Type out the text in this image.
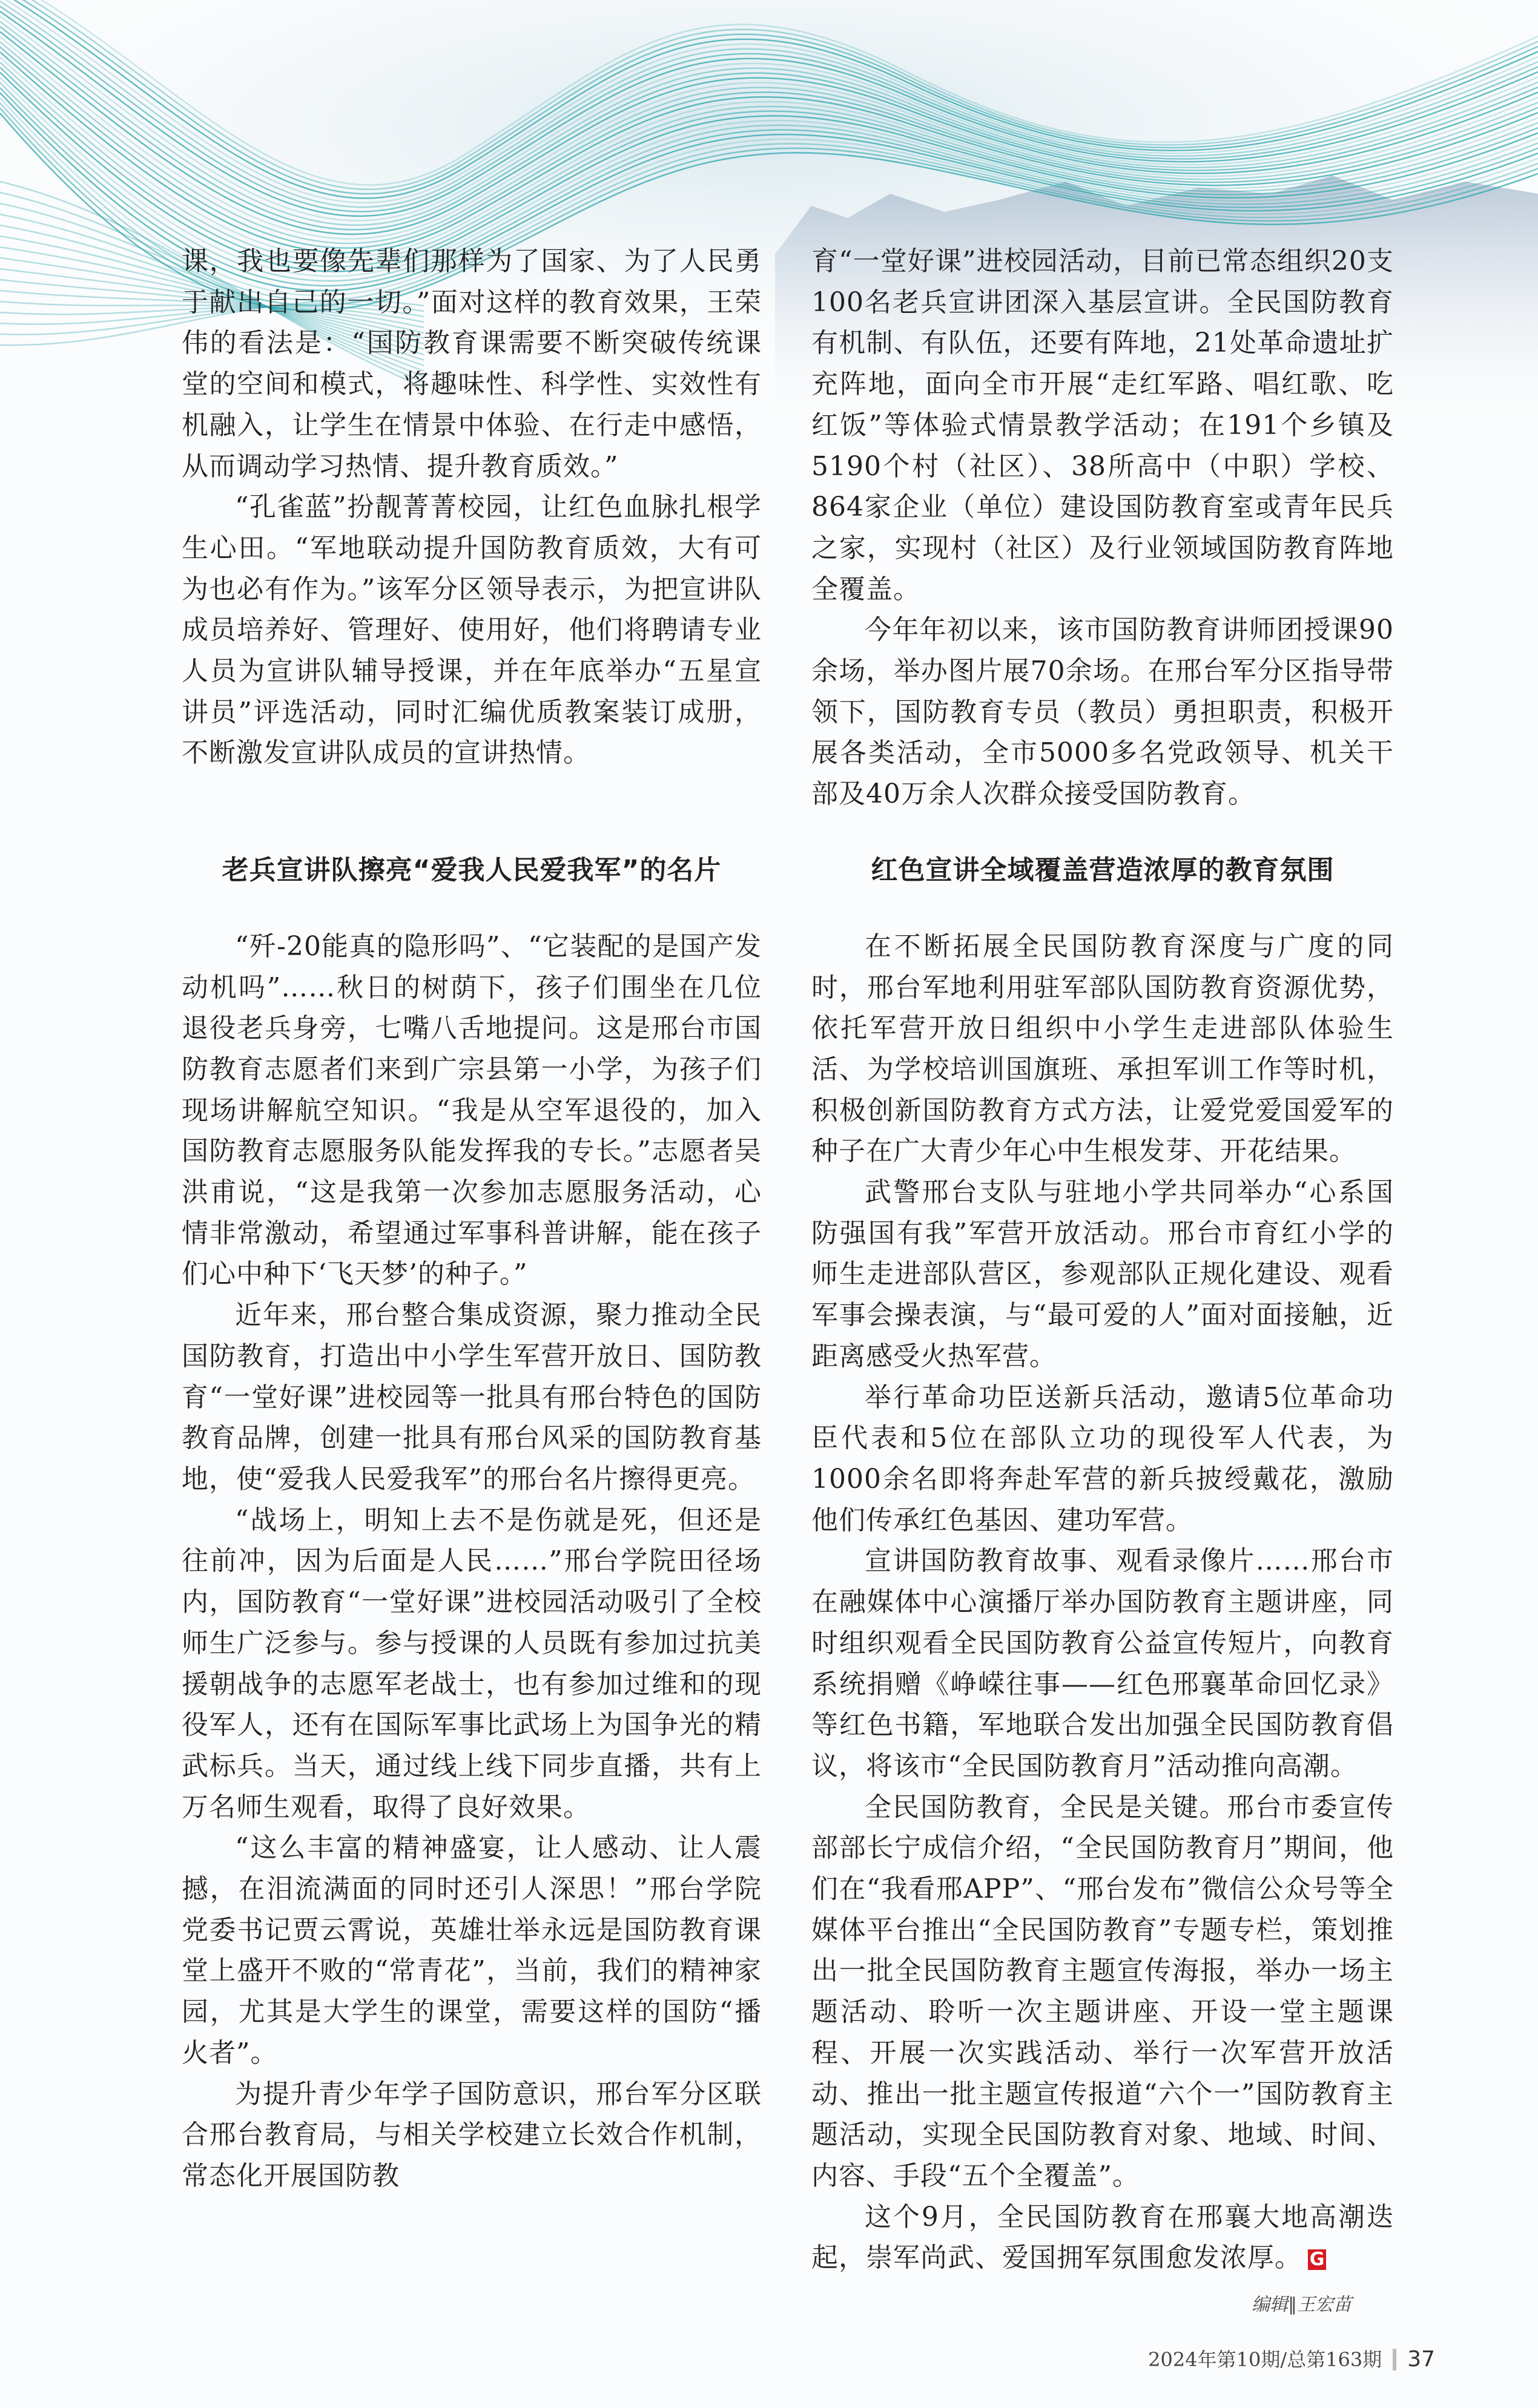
课，我也要像先辈们那样为了国家、为了人民勇于献出自己的一切。”面对这样的教育效果，王荣伟的看法是：“国防教育课需要不断突破传统课堂的空间和模式，将趣味性、科学性、实效性有机融入，让学生在情景中体验、在行走中感悟，从而调动学习热情、提升教育质效。”

“孔雀蓝”扮靓菁菁校园，让红色血脉扎根学生心田。“军地联动提升国防教育质效，大有可为也必有作为。”该军分区领导表示，为把宣讲队成员培养好、管理好、使用好，他们将聘请专业人员为宣讲队辅导授课，并在年底举办“五星宣讲员”评选活动，同时汇编优质教案装订成册，不断激发宣讲队成员的宣讲热情。

育“一堂好课”进校园活动，目前已常态组织20支100名老兵宣讲团深入基层宣讲。全民国防教育有机制、有队伍，还要有阵地，21处革命遗址扩充阵地，面向全市开展“走红军路、唱红歌、吃红饭”等体验式情景教学活动；在191个乡镇及5190个村（社区）、38所高中（中职）学校、864家企业（单位）建设国防教育室或青年民兵之家，实现村（社区）及行业领域国防教育阵地全覆盖。

今年年初以来，该市国防教育讲师团授课90余场，举办图片展70余场。在邢台军分区指导带领下，国防教育专员（教员）勇担职责，积极开展各类活动，全市5000多名党政领导、机关干部及40万余人次群众接受国防教育。

老兵宣讲队擦亮“爱我人民爱我军”的名片	红色宣讲全域覆盖营造浓厚的教育氛围

“歼-20能真的隐形吗”、“它装配的是国产发动机吗”……秋日的树荫下，孩子们围坐在几位退役老兵身旁，七嘴八舌地提问。这是邢台市国防教育志愿者们来到广宗县第一小学，为孩子们现场讲解航空知识。“我是从空军退役的，加入国防教育志愿服务队能发挥我的专长。”志愿者吴洪甫说，“这是我第一次参加志愿服务活动，心情非常激动，希望通过军事科普讲解，能在孩子们心中种下‘飞天梦’的种子。”

近年来，邢台整合集成资源，聚力推动全民国防教育，打造出中小学生军营开放日、国防教育“一堂好课”进校园等一批具有邢台特色的国防教育品牌，创建一批具有邢台风采的国防教育基地，使“爱我人民爱我军”的邢台名片擦得更亮。

“战场上，明知上去不是伤就是死，但还是往前冲，因为后面是人民……”邢台学院田径场内，国防教育“一堂好课”进校园活动吸引了全校师生广泛参与。参与授课的人员既有参加过抗美援朝战争的志愿军老战士，也有参加过维和的现役军人，还有在国际军事比武场上为国争光的精武标兵。当天，通过线上线下同步直播，共有上万名师生观看，取得了良好效果。

“这么丰富的精神盛宴，让人感动、让人震撼，在泪流满面的同时还引人深思！”邢台学院党委书记贾云霄说，英雄壮举永远是国防教育课堂上盛开不败的“常青花”，当前，我们的精神家园，尤其是大学生的课堂，需要这样的国防“播火者”。

为提升青少年学子国防意识，邢台军分区联合邢台教育局，与相关学校建立长效合作机制，常态化开展国防教

在不断拓展全民国防教育深度与广度的同时，邢台军地利用驻军部队国防教育资源优势，依托军营开放日组织中小学生走进部队体验生活、为学校培训国旗班、承担军训工作等时机，积极创新国防教育方式方法，让爱党爱国爱军的种子在广大青少年心中生根发芽、开花结果。

武警邢台支队与驻地小学共同举办“心系国防强国有我”军营开放活动。邢台市育红小学的师生走进部队营区，参观部队正规化建设、观看军事会操表演，与“最可爱的人”面对面接触，近距离感受火热军营。

举行革命功臣送新兵活动，邀请5位革命功臣代表和5位在部队立功的现役军人代表，为1000余名即将奔赴军营的新兵披绶戴花，激励他们传承红色基因、建功军营。

宣讲国防教育故事、观看录像片……邢台市在融媒体中心演播厅举办国防教育主题讲座，同时组织观看全民国防教育公益宣传短片，向教育系统捐赠《峥嵘往事——红色邢襄革命回忆录》等红色书籍，军地联合发出加强全民国防教育倡议，将该市“全民国防教育月”活动推向高潮。

全民国防教育，全民是关键。邢台市委宣传部部长宁成信介绍，“全民国防教育月”期间，他们在“我看邢APP”、“邢台发布”微信公众号等全媒体平台推出“全民国防教育”专题专栏，策划推出一批全民国防教育主题宣传海报，举办一场主题活动、聆听一次主题讲座、开设一堂主题课程、开展一次实践活动、举行一次军营开放活动、推出一批主题宣传报道“六个一”国防教育主题活动，实现全民国防教育对象、地域、时间、内容、手段“五个全覆盖”。

这个9月，全民国防教育在邢襄大地高潮迭起，崇军尚武、爱国拥军氛围愈发浓厚。 G

编辑∥王宏苗
2024年第10期/总第163期 37
